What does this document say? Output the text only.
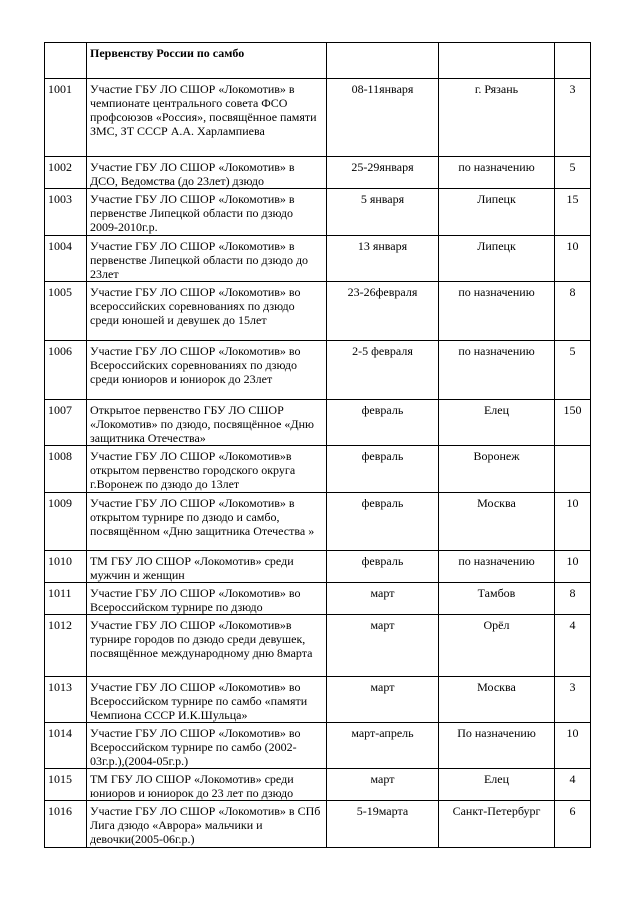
	Первенству России по самбо			
1001	Участие ГБУ ЛО СШОР «Локомотив» в чемпионате центрального совета ФСО профсоюзов «Россия», посвящённое памяти ЗМС, ЗТ СССР А.А. Харлампиева	08-11января	г. Рязань	3
1002	Участие ГБУ ЛО СШОР «Локомотив» в ДСО, Ведомства (до 23лет) дзюдо	25-29января	по назначению	5
1003	Участие ГБУ ЛО СШОР «Локомотив» в первенстве Липецкой области по дзюдо 2009-2010г.р.	5 января	Липецк	15
1004	Участие ГБУ ЛО СШОР «Локомотив» в первенстве Липецкой области по дзюдо до 23лет	13 января	Липецк	10
1005	Участие ГБУ ЛО СШОР «Локомотив» во всероссийских соревнованиях по дзюдо среди юношей и девушек до 15лет	23-26февраля	по назначению	8
1006	Участие ГБУ ЛО СШОР «Локомотив» во Всероссийских соревнованиях по дзюдо среди юниоров и юниорок до 23лет	2-5 февраля	по назначению	5
1007	Открытое первенство ГБУ ЛО СШОР «Локомотив» по дзюдо, посвящённое «Дню защитника Отечества»	февраль	Елец	150
1008	Участие ГБУ ЛО СШОР «Локомотив»в открытом первенство городского округа г.Воронеж по дзюдо до 13лет	февраль	Воронеж	
1009	Участие ГБУ ЛО СШОР «Локомотив» в открытом турнире по дзюдо и самбо, посвящённом «Дню защитника Отечества »	февраль	Москва	10
1010	ТМ ГБУ ЛО СШОР «Локомотив» среди мужчин и женщин	февраль	по назначению	10
1011	Участие ГБУ ЛО СШОР «Локомотив» во Всероссийском турнире по дзюдо	март	Тамбов	8
1012	Участие ГБУ ЛО СШОР «Локомотив»в турнире городов по дзюдо среди девушек, посвящённое международному дню 8марта	март	Орёл	4
1013	Участие ГБУ ЛО СШОР «Локомотив» во Всероссийском турнире по самбо «памяти Чемпиона СССР И.К.Шульца»	март	Москва	3
1014	Участие ГБУ ЛО СШОР «Локомотив» во Всероссийском турнире по самбо (2002-03г.р.),(2004-05г.р.)	март-апрель	По назначению	10
1015	ТМ ГБУ ЛО СШОР «Локомотив» среди юниоров и юниорок до 23 лет по дзюдо	март	Елец	4
1016	Участие ГБУ ЛО СШОР «Локомотив» в СПб Лига дзюдо «Аврора» мальчики и девочки(2005-06г.р.)	5-19марта	Санкт-Петербург	6
